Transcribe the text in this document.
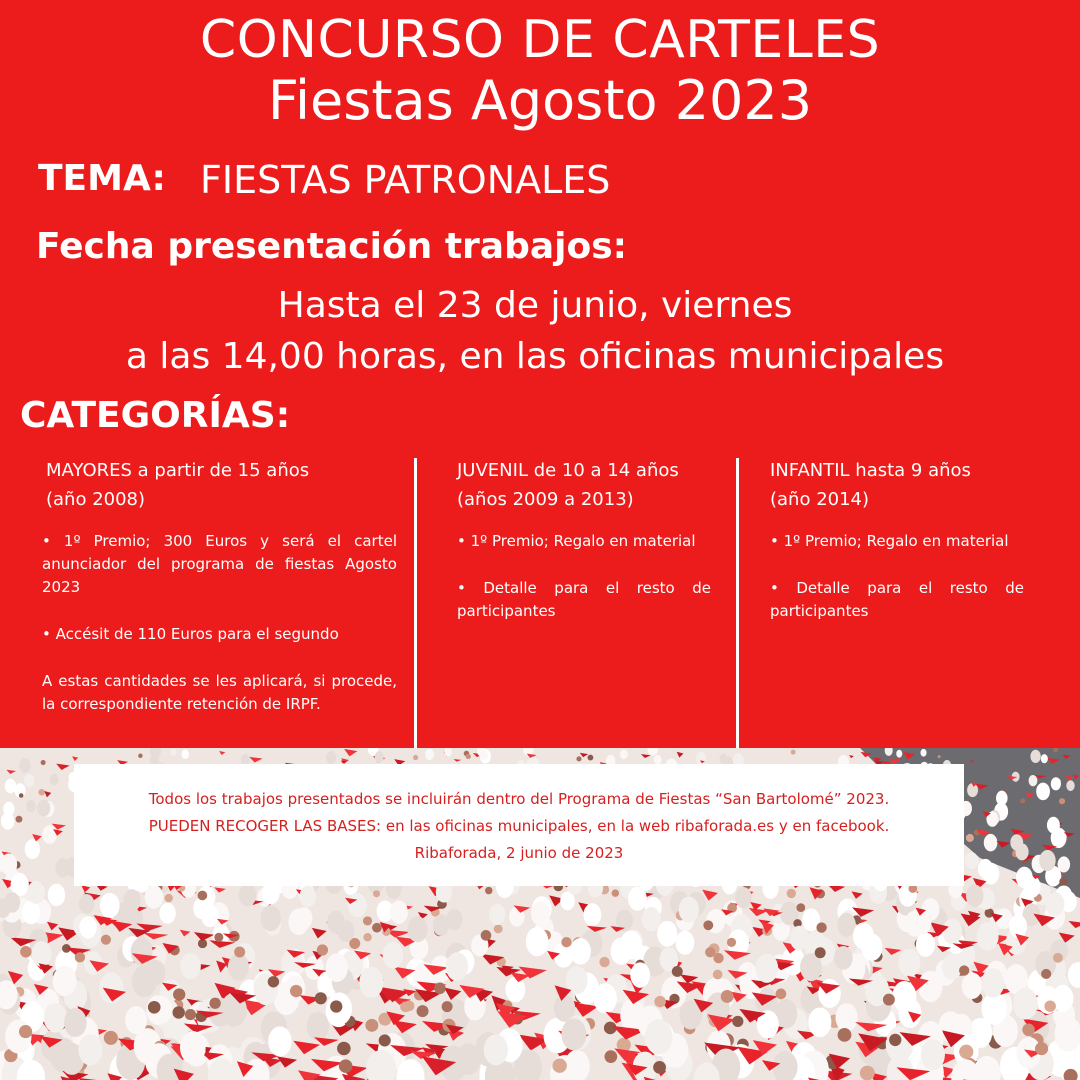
CONCURSO DE CARTELES
Fiestas Agosto 2023
TEMA: FIESTAS PATRONALES
Fecha presentación trabajos:
Hasta el 23 de junio, viernes
a las 14,00 horas, en las oficinas municipales
CATEGORÍAS:
MAYORES a partir de 15 años
(año 2008)

• 1º Premio; 300 Euros y será el cartel anunciador del programa de fiestas Agosto 2023

• Accésit de 110 Euros para el segundo

A estas cantidades se les aplicará, si procede, la correspondiente retención de IRPF.

JUVENIL de 10 a 14 años
(años 2009 a 2013)

• 1º Premio; Regalo en material

• Detalle para el resto de participantes

INFANTIL hasta 9 años
(año 2014)

• 1º Premio; Regalo en material

• Detalle para el resto de participantes

Todos los trabajos presentados se incluirán dentro del Programa de Fiestas “San Bartolomé” 2023.
PUEDEN RECOGER LAS BASES: en las oficinas municipales, en la web ribaforada.es y en facebook.
Ribaforada, 2 junio de 2023
